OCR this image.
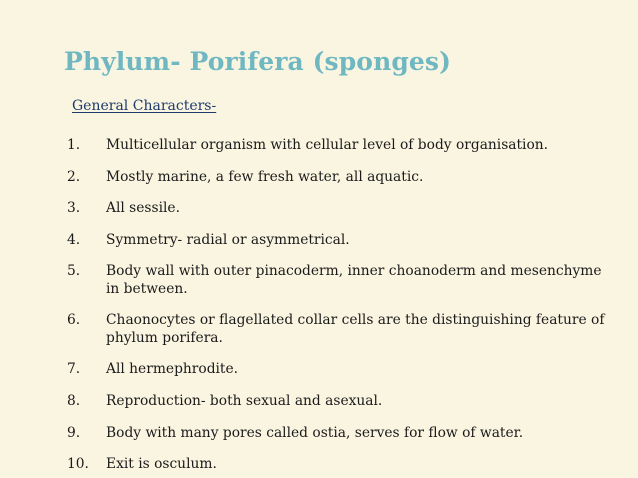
Phylum- Porifera (sponges)
General Characters-
1.	Multicellular organism with cellular level of body organisation.
2.	Mostly marine, a few fresh water, all aquatic.
3.	All sessile.
4.	Symmetry- radial or asymmetrical.
5.	Body wall with outer pinacoderm, inner choanoderm and mesenchyme in between.
6.	Chaonocytes or flagellated collar cells are the distinguishing feature of phylum porifera.
7.	All hermephrodite.
8.	Reproduction- both sexual and asexual.
9.	Body with many pores called ostia, serves for flow of water.
10.	Exit is osculum.
